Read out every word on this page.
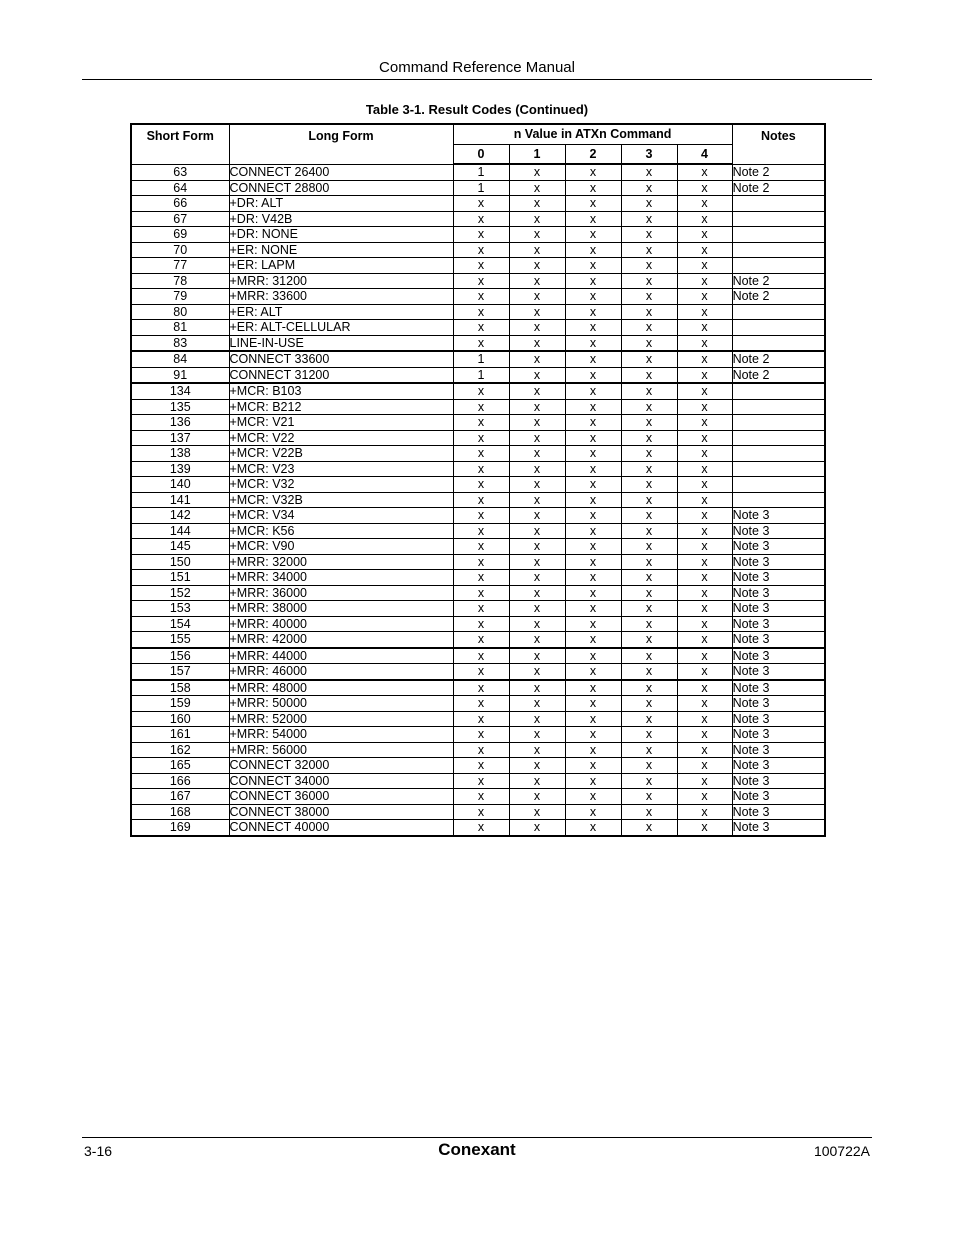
Command Reference Manual
Table 3-1. Result Codes (Continued)
Short Form	Long Form	n Value in ATXn Command					Notes
		0	1	2	3	4	
63	CONNECT 26400	1	x	x	x	x	Note 2
64	CONNECT 28800	1	x	x	x	x	Note 2
66	+DR: ALT	x	x	x	x	x	
67	+DR: V42B	x	x	x	x	x	
69	+DR: NONE	x	x	x	x	x	
70	+ER: NONE	x	x	x	x	x	
77	+ER: LAPM	x	x	x	x	x	
78	+MRR: 31200	x	x	x	x	x	Note 2
79	+MRR: 33600	x	x	x	x	x	Note 2
80	+ER: ALT	x	x	x	x	x	
81	+ER: ALT-CELLULAR	x	x	x	x	x	
83	LINE-IN-USE	x	x	x	x	x	
84	CONNECT 33600	1	x	x	x	x	Note 2
91	CONNECT 31200	1	x	x	x	x	Note 2
134	+MCR: B103	x	x	x	x	x	
135	+MCR: B212	x	x	x	x	x	
136	+MCR: V21	x	x	x	x	x	
137	+MCR: V22	x	x	x	x	x	
138	+MCR: V22B	x	x	x	x	x	
139	+MCR: V23	x	x	x	x	x	
140	+MCR: V32	x	x	x	x	x	
141	+MCR: V32B	x	x	x	x	x	
142	+MCR: V34	x	x	x	x	x	Note 3
144	+MCR: K56	x	x	x	x	x	Note 3
145	+MCR: V90	x	x	x	x	x	Note 3
150	+MRR: 32000	x	x	x	x	x	Note 3
151	+MRR: 34000	x	x	x	x	x	Note 3
152	+MRR: 36000	x	x	x	x	x	Note 3
153	+MRR: 38000	x	x	x	x	x	Note 3
154	+MRR: 40000	x	x	x	x	x	Note 3
155	+MRR: 42000	x	x	x	x	x	Note 3
156	+MRR: 44000	x	x	x	x	x	Note 3
157	+MRR: 46000	x	x	x	x	x	Note 3
158	+MRR: 48000	x	x	x	x	x	Note 3
159	+MRR: 50000	x	x	x	x	x	Note 3
160	+MRR: 52000	x	x	x	x	x	Note 3
161	+MRR: 54000	x	x	x	x	x	Note 3
162	+MRR: 56000	x	x	x	x	x	Note 3
165	CONNECT 32000	x	x	x	x	x	Note 3
166	CONNECT 34000	x	x	x	x	x	Note 3
167	CONNECT 36000	x	x	x	x	x	Note 3
168	CONNECT 38000	x	x	x	x	x	Note 3
169	CONNECT 40000	x	x	x	x	x	Note 3
3-16	Conexant	100722A
